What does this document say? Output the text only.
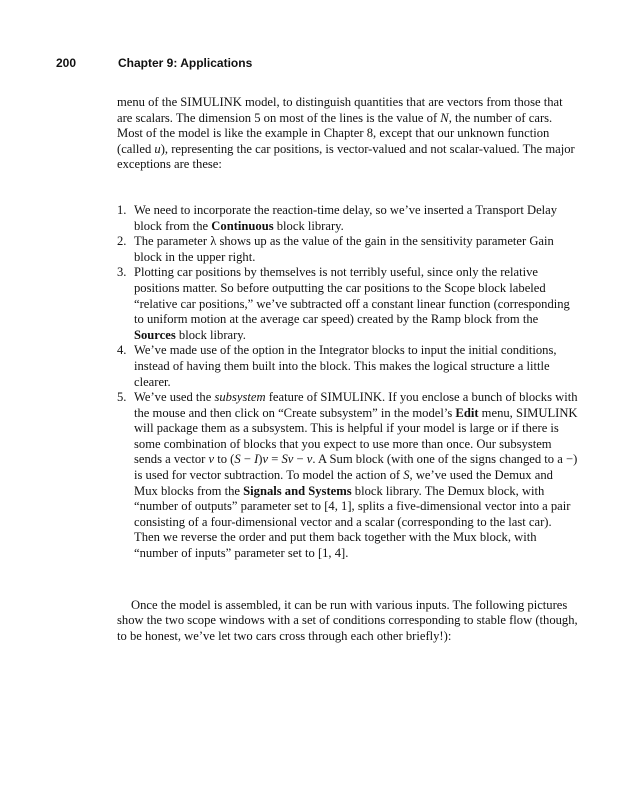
200	Chapter 9: Applications

menu of the SIMULINK model, to distinguish quantities that are vectors from those that are scalars. The dimension 5 on most of the lines is the value of N, the number of cars. Most of the model is like the example in Chapter 8, except that our unknown function (called u), representing the car positions, is vector-valued and not scalar-valued. The major exceptions are these:

1. We need to incorporate the reaction-time delay, so we’ve inserted a Transport Delay block from the Continuous block library.
2. The parameter λ shows up as the value of the gain in the sensitivity parameter Gain block in the upper right.
3. Plotting car positions by themselves is not terribly useful, since only the relative positions matter. So before outputting the car positions to the Scope block labeled “relative car positions,” we’ve subtracted off a constant linear function (corresponding to uniform motion at the average car speed) created by the Ramp block from the Sources block library.
4. We’ve made use of the option in the Integrator blocks to input the initial conditions, instead of having them built into the block. This makes the logical structure a little clearer.
5. We’ve used the subsystem feature of SIMULINK. If you enclose a bunch of blocks with the mouse and then click on “Create subsystem” in the model’s Edit menu, SIMULINK will package them as a subsystem. This is helpful if your model is large or if there is some combination of blocks that you expect to use more than once. Our subsystem sends a vector v to (S − I)v = Sv − v. A Sum block (with one of the signs changed to a −) is used for vector subtraction. To model the action of S, we’ve used the Demux and Mux blocks from the Signals and Systems block library. The Demux block, with “number of outputs” parameter set to [4, 1], splits a five-dimensional vector into a pair consisting of a four-dimensional vector and a scalar (corresponding to the last car). Then we reverse the order and put them back together with the Mux block, with “number of inputs” parameter set to [1, 4].

Once the model is assembled, it can be run with various inputs. The following pictures show the two scope windows with a set of conditions corresponding to stable flow (though, to be honest, we’ve let two cars cross through each other briefly!):
